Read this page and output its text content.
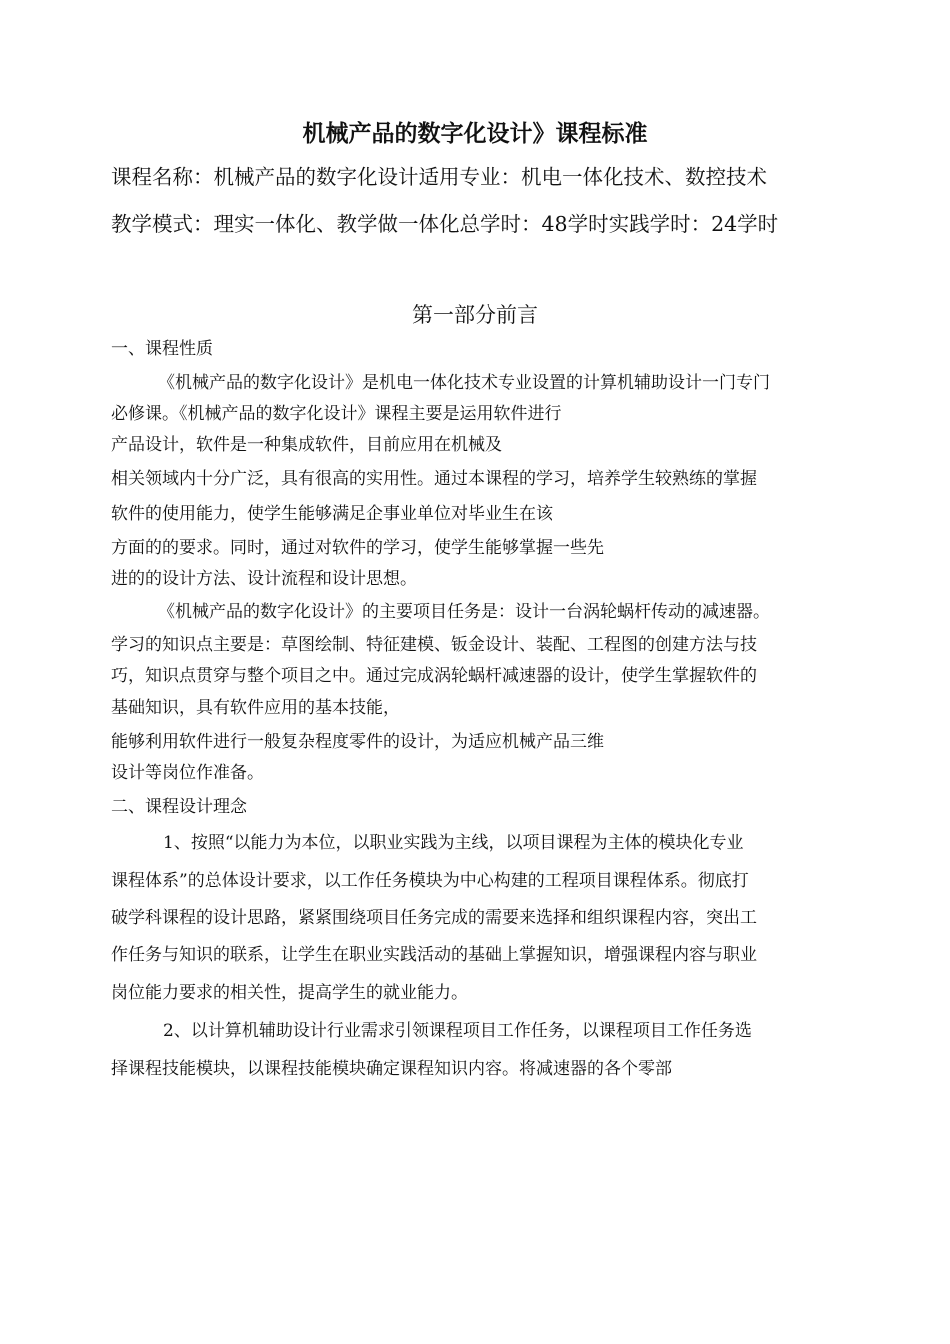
机械产品的数字化设计》课程标准
课程名称：机械产品的数字化设计适用专业：机电一体化技术、数控技术
教学模式：理实一体化、教学做一体化总学时：48学时实践学时：24学时
第一部分前言
一、课程性质
《机械产品的数字化设计》是机电一体化技术专业设置的计算机辅助设计一门专门
必修课。《机械产品的数字化设计》课程主要是运用软件进行
产品设计，软件是一种集成软件，目前应用在机械及
相关领域内十分广泛，具有很高的实用性。通过本课程的学习，培养学生较熟练的掌握
软件的使用能力，使学生能够满足企事业单位对毕业生在该
方面的的要求。同时，通过对软件的学习，使学生能够掌握一些先
进的的设计方法、设计流程和设计思想。
《机械产品的数字化设计》的主要项目任务是：设计一台涡轮蜗杆传动的减速器。
学习的知识点主要是：草图绘制、特征建模、钣金设计、装配、工程图的创建方法与技
巧，知识点贯穿与整个项目之中。通过完成涡轮蜗杆减速器的设计，使学生掌握软件的
基础知识，具有软件应用的基本技能，
能够利用软件进行一般复杂程度零件的设计，为适应机械产品三维
设计等岗位作准备。
二、课程设计理念
1、按照“以能力为本位，以职业实践为主线，以项目课程为主体的模块化专业
课程体系”的总体设计要求，以工作任务模块为中心构建的工程项目课程体系。彻底打
破学科课程的设计思路，紧紧围绕项目任务完成的需要来选择和组织课程内容，突出工
作任务与知识的联系，让学生在职业实践活动的基础上掌握知识，增强课程内容与职业
岗位能力要求的相关性，提高学生的就业能力。
2、以计算机辅助设计行业需求引领课程项目工作任务，以课程项目工作任务选
择课程技能模块，以课程技能模块确定课程知识内容。将减速器的各个零部
